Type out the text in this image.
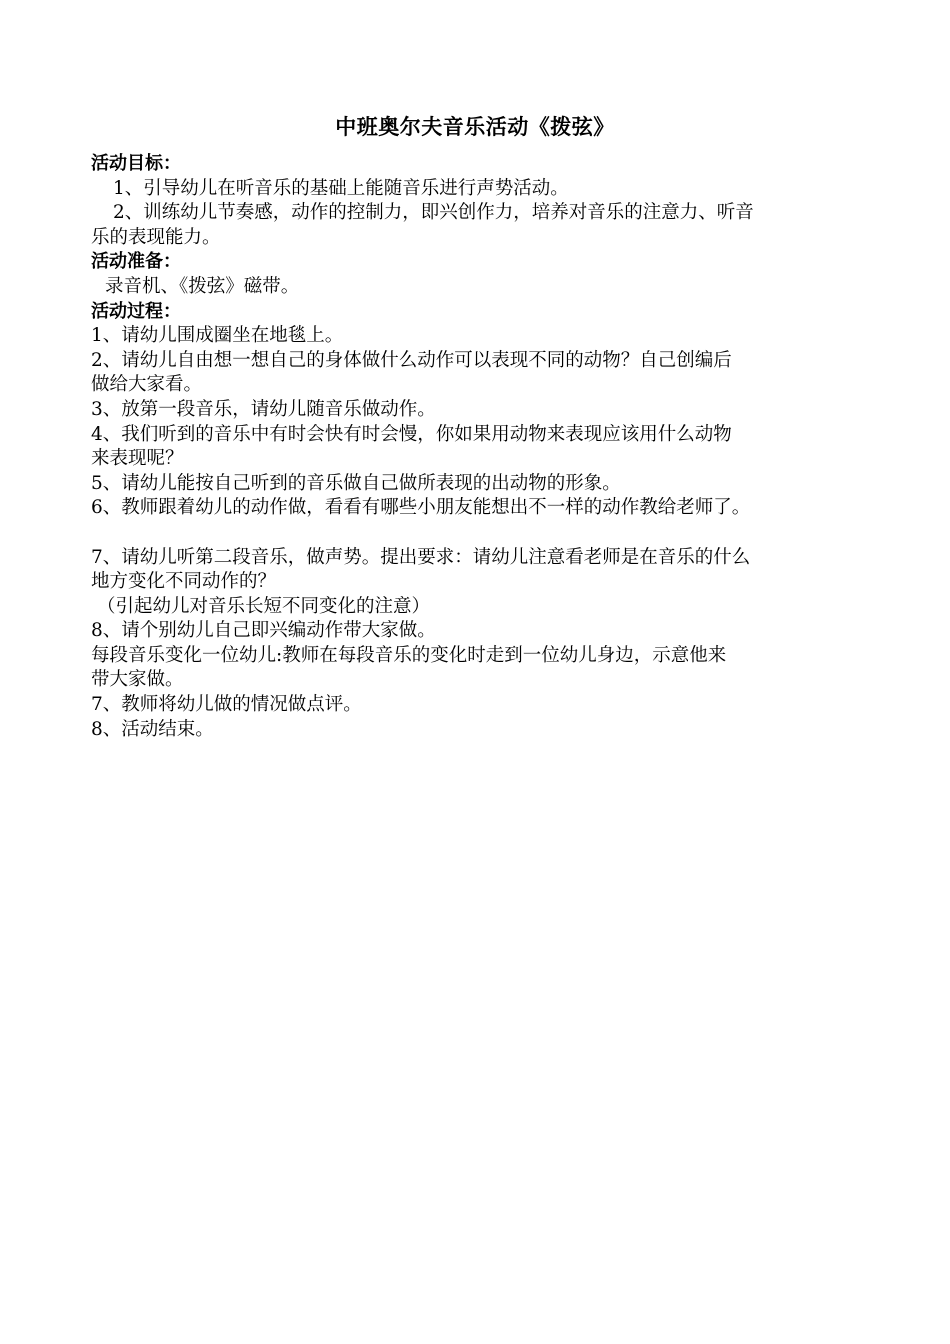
中班奥尔夫音乐活动《拨弦》
活动目标：
1、引导幼儿在听音乐的基础上能随音乐进行声势活动。
2、训练幼儿节奏感，动作的控制力，即兴创作力，培养对音乐的注意力、听音
乐的表现能力。
活动准备：
录音机、《拨弦》磁带。
活动过程：
1、请幼儿围成圈坐在地毯上。
2、请幼儿自由想一想自己的身体做什么动作可以表现不同的动物？自己创编后
做给大家看。
3、放第一段音乐，请幼儿随音乐做动作。
4、我们听到的音乐中有时会快有时会慢，你如果用动物来表现应该用什么动物
来表现呢？
5、请幼儿能按自己听到的音乐做自己做所表现的出动物的形象。
6、教师跟着幼儿的动作做，看看有哪些小朋友能想出不一样的动作教给老师了。
7、请幼儿听第二段音乐，做声势。提出要求：请幼儿注意看老师是在音乐的什么
地方变化不同动作的？
（引起幼儿对音乐长短不同变化的注意）
8、请个别幼儿自己即兴编动作带大家做。
每段音乐变化一位幼儿:教师在每段音乐的变化时走到一位幼儿身边，示意他来
带大家做。
7、教师将幼儿做的情况做点评。
8、活动结束。
